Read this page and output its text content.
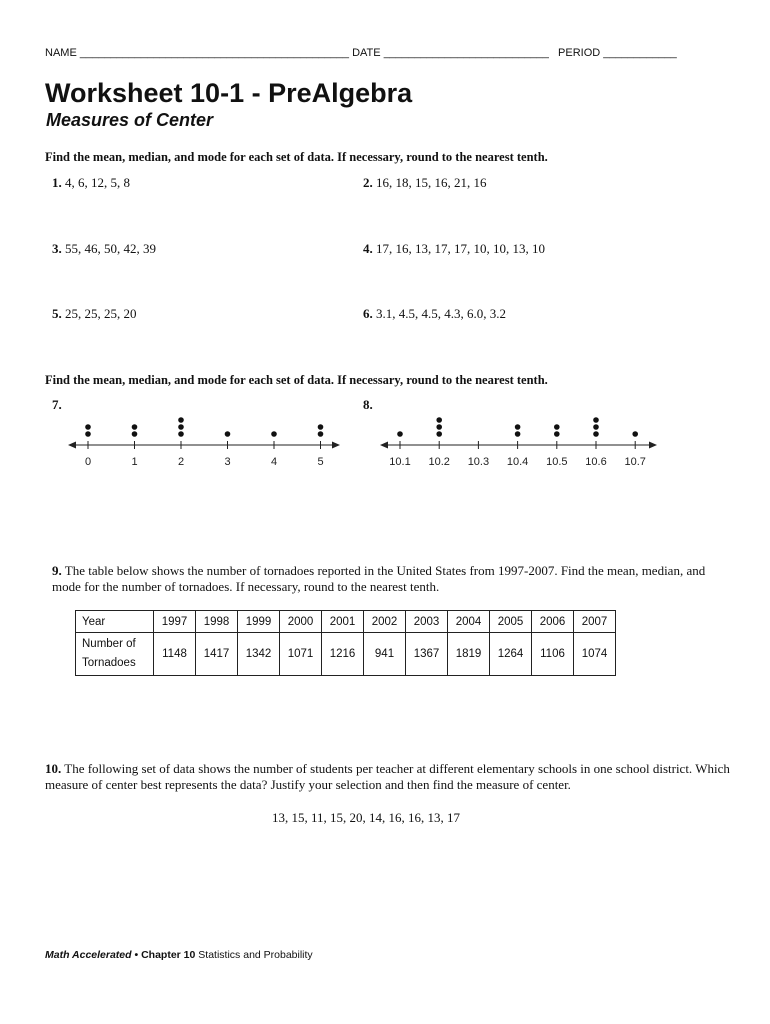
NAME ____________________________________________ DATE ___________________________ PERIOD ____________
Worksheet 10-1 - PreAlgebra
Measures of Center
Find the mean, median, and mode for each set of data. If necessary, round to the nearest tenth.
1. 4, 6, 12, 5, 8	2. 16, 18, 15, 16, 21, 16
3. 55, 46, 50, 42, 39	4. 17, 16, 13, 17, 17, 10, 10, 13, 10
5. 25, 25, 25, 20	6. 3.1, 4.5, 4.5, 4.3, 6.0, 3.2
Find the mean, median, and mode for each set of data. If necessary, round to the nearest tenth.
7.	8.
0	1	2	3	4	5	10.1 10.2 10.3 10.4 10.5 10.6 10.7
9. The table below shows the number of tornadoes reported in the United States from 1997-2007. Find the mean, median, and mode for the number of tornadoes. If necessary, round to the nearest tenth.
Year	1997	1998	1999	2000	2001	2002	2003	2004	2005	2006	2007
Number of Tornadoes	1148	1417	1342	1071	1216	941	1367	1819	1264	1106	1074
10. The following set of data shows the number of students per teacher at different elementary schools in one school district. Which measure of center best represents the data? Justify your selection and then find the measure of center.
13, 15, 11, 15, 20, 14, 16, 16, 13, 17
Math Accelerated • Chapter 10 Statistics and Probability
